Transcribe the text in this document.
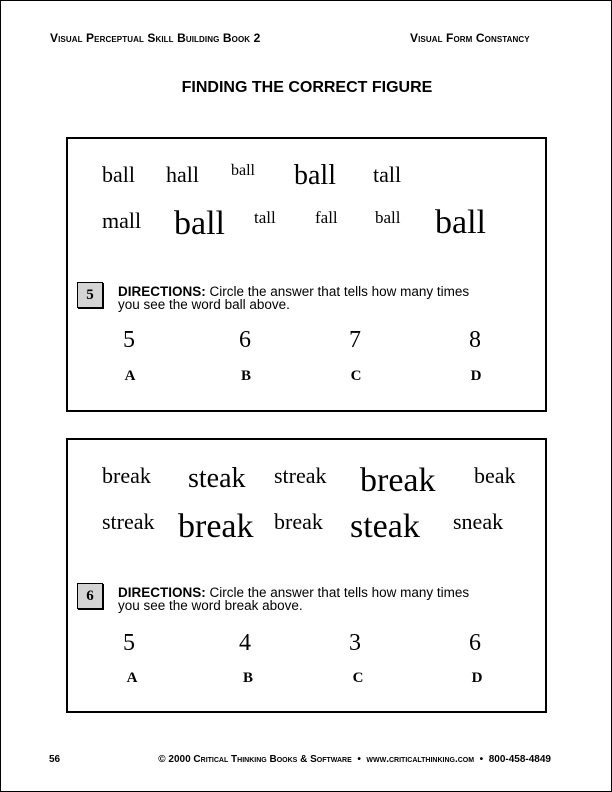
Visual Perceptual Skill Building Book 2	Visual Form Constancy
FINDING THE CORRECT FIGURE
ball hall ball ball tall
mall ball tall fall ball ball
5	DIRECTIONS: Circle the answer that tells how many times
you see the word ball above.
5	6	7	8
A	B	C	D
break steak streak break beak
streak break break steak sneak
6	DIRECTIONS: Circle the answer that tells how many times
you see the word break above.
5	4	3	6
A	B	C	D
56	© 2000 Critical Thinking Books & Software • www.criticalthinking.com • 800-458-4849
